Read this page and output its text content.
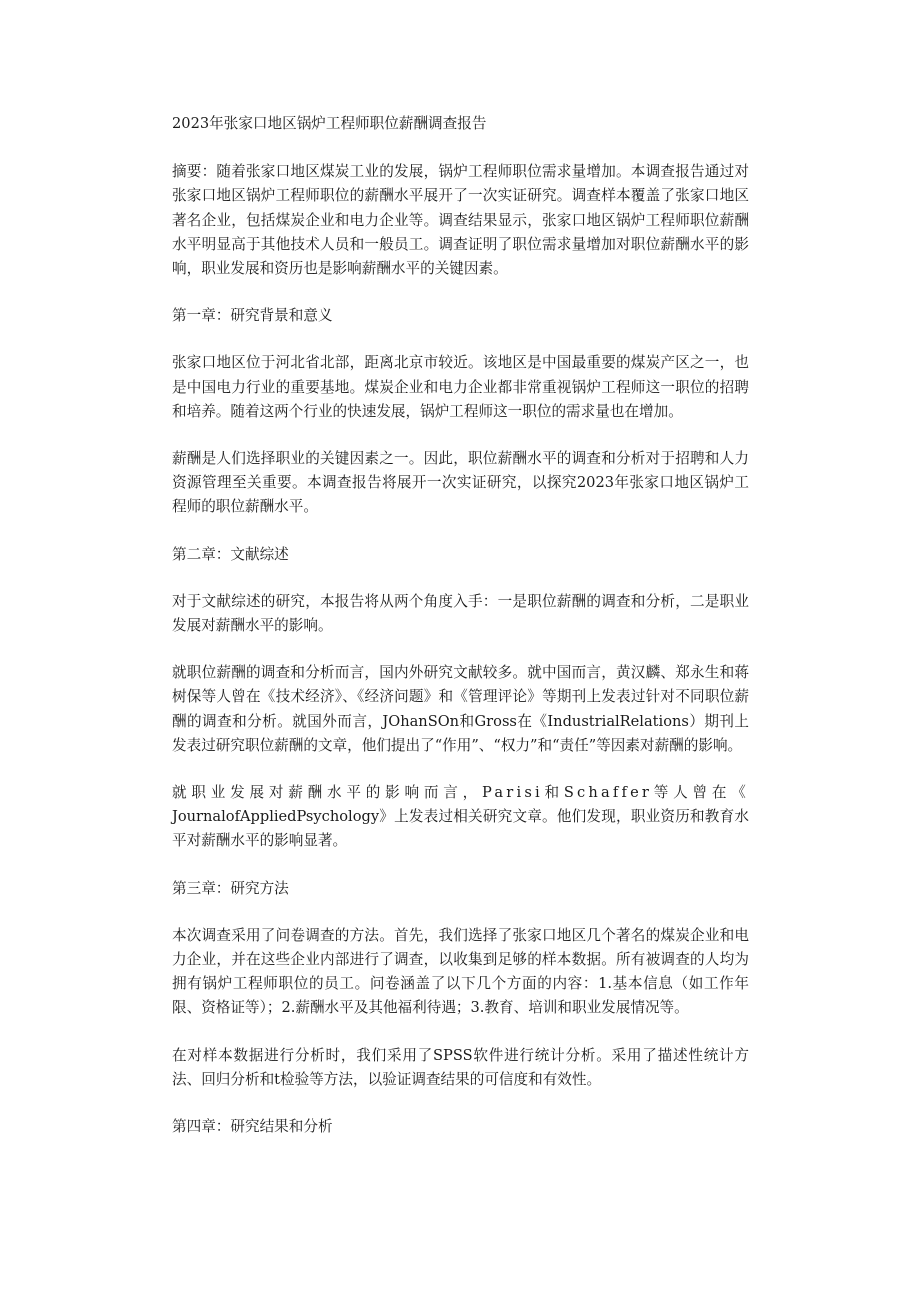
2023年张家口地区锅炉工程师职位薪酬调查报告

摘要：随着张家口地区煤炭工业的发展，锅炉工程师职位需求量增加。本调查报告通过对张家口地区锅炉工程师职位的薪酬水平展开了一次实证研究。调查样本覆盖了张家口地区著名企业，包括煤炭企业和电力企业等。调查结果显示，张家口地区锅炉工程师职位薪酬水平明显高于其他技术人员和一般员工。调查证明了职位需求量增加对职位薪酬水平的影响，职业发展和资历也是影响薪酬水平的关键因素。

第一章：研究背景和意义

张家口地区位于河北省北部，距离北京市较近。该地区是中国最重要的煤炭产区之一，也是中国电力行业的重要基地。煤炭企业和电力企业都非常重视锅炉工程师这一职位的招聘和培养。随着这两个行业的快速发展，锅炉工程师这一职位的需求量也在增加。

薪酬是人们选择职业的关键因素之一。因此，职位薪酬水平的调查和分析对于招聘和人力资源管理至关重要。本调查报告将展开一次实证研究，以探究2023年张家口地区锅炉工程师的职位薪酬水平。

第二章：文献综述

对于文献综述的研究，本报告将从两个角度入手：一是职位薪酬的调查和分析，二是职业发展对薪酬水平的影响。

就职位薪酬的调查和分析而言，国内外研究文献较多。就中国而言，黄汉麟、郑永生和蒋树保等人曾在《技术经济》、《经济问题》和《管理评论》等期刊上发表过针对不同职位薪酬的调查和分析。就国外而言，JOhanSOn和Gross在《IndustrialRelations）期刊上发表过研究职位薪酬的文章，他们提出了“作用”、“权力”和“责任”等因素对薪酬的影响。

就职业发展对薪酬水平的影响而言，Parisi和Schaffer等人曾在《
JournalofAppliedPsychology》上发表过相关研究文章。他们发现，职业资历和教育水平对薪酬水平的影响显著。

第三章：研究方法

本次调查采用了问卷调查的方法。首先，我们选择了张家口地区几个著名的煤炭企业和电力企业，并在这些企业内部进行了调查，以收集到足够的样本数据。所有被调查的人均为拥有锅炉工程师职位的员工。问卷涵盖了以下几个方面的内容：1.基本信息（如工作年限、资格证等）；2.薪酬水平及其他福利待遇；3.教育、培训和职业发展情况等。

在对样本数据进行分析时，我们采用了SPSS软件进行统计分析。采用了描述性统计方法、回归分析和t检验等方法，以验证调查结果的可信度和有效性。

第四章：研究结果和分析
